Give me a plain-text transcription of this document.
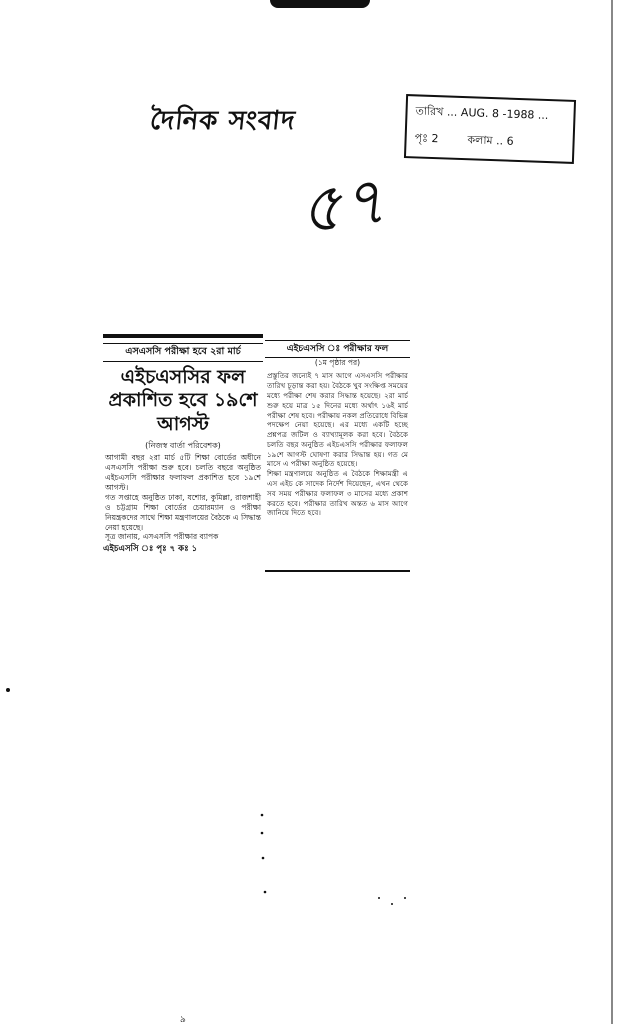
দৈনিক সংবাদ	তারিখ ... AUG. 8 -1988 ...
পৃঃ 2	কলাম .. 6
৫৭
এসএসসি পরীক্ষা হবে ২রা মার্চ
এইচএসসির ফল প্রকাশিত হবে ১৯শে আগস্ট
(নিজস্ব বার্তা পরিবেশক)

আগামী বছর ২রা মার্চ ৫টি শিক্ষা বোর্ডের অধীনে এসএসসি পরীক্ষা শুরু হবে। চলতি বছরে অনুষ্ঠিত এইচএসসি পরীক্ষার ফলাফল প্রকাশিত হবে ১৯শে আগস্ট।

গত সপ্তাহে অনুষ্ঠিত ঢাকা, যশোর, কুমিল্লা, রাজশাহী ও চট্টগ্রাম শিক্ষা বোর্ডের চেয়ারম্যান ও পরীক্ষা নিয়ন্ত্রকদের সাথে শিক্ষা মন্ত্রণালয়ের বৈঠকে এ সিদ্ধান্ত নেয়া হয়েছে।

সূত্র জানায়, এসএসসি পরীক্ষার ব্যাপক

এইচএসসি ঃ পৃঃ ৭ কঃ ১
এইচএসসি ঃ পরীক্ষার ফল
(১ম পৃষ্ঠার পর)

প্রস্তুতির জন্যেই ৭ মাস আগে এসএসসি পরীক্ষার তারিখ চূড়ান্ত করা হয়। বৈঠকে খুব সংক্ষিপ্ত সময়ের মধ্যে পরীক্ষা শেষ করার সিদ্ধান্ত হয়েছে। ২রা মার্চ শুরু হয়ে মাত্র ১৫ দিনের মধ্যে অর্থাৎ ১৬ই মার্চ পরীক্ষা শেষ হবে। পরীক্ষায় নকল প্রতিরোধে বিভিন্ন পদক্ষেপ নেয়া হয়েছে। এর মধ্যে একটি হচ্ছে প্রশ্নপত্র জটিল ও ব্যাখ্যামূলক করা হবে। বৈঠকে চলতি বছর অনুষ্ঠিত এইচএসসি পরীক্ষার ফলাফল ১৯শে আগস্ট ঘোষণা করার সিদ্ধান্ত হয়। গত মে মাসে এ পরীক্ষা অনুষ্ঠিত হয়েছে।

শিক্ষা মন্ত্রণালয়ে অনুষ্ঠিত এ বৈঠকে শিক্ষামন্ত্রী এ এস এইচ কে সাদেক নির্দেশ দিয়েছেন, এখন থেকে সব সময় পরীক্ষার ফলাফল ৩ মাসের মধ্যে প্রকাশ করতে হবে। পরীক্ষার তারিখ অন্তত ৬ মাস আগে জানিয়ে দিতে হবে।

৯
